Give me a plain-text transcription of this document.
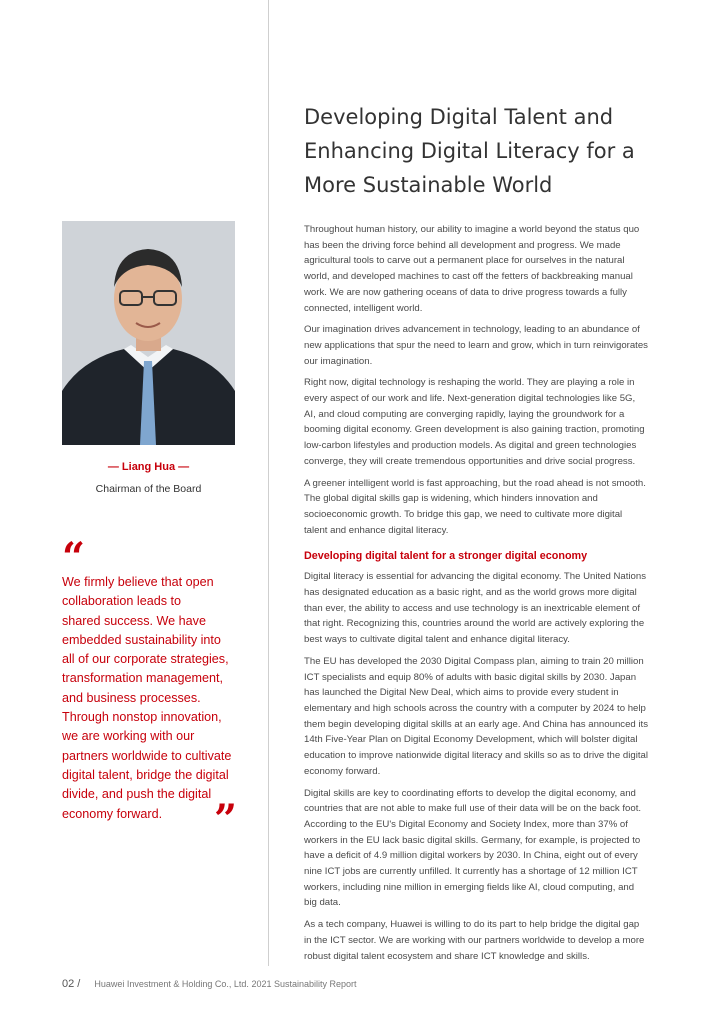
Developing Digital Talent and
Enhancing Digital Literacy for a
More Sustainable World
— Liang Hua —
Chairman of the Board
“
We firmly believe that open
collaboration leads to
shared success. We have
embedded sustainability into
all of our corporate strategies,
transformation management,
and business processes.
Through nonstop innovation,
we are working with our
partners worldwide to cultivate
digital talent, bridge the digital
divide, and push the digital
economy forward.	”

Throughout human history, our ability to imagine a world beyond the status quo has been the driving force behind all development and progress. We made agricultural tools to carve out a permanent place for ourselves in the natural world, and developed machines to cast off the fetters of backbreaking manual work. We are now gathering oceans of data to drive progress towards a fully connected, intelligent world.

Our imagination drives advancement in technology, leading to an abundance of new applications that spur the need to learn and grow, which in turn reinvigorates our imagination.

Right now, digital technology is reshaping the world. They are playing a role in every aspect of our work and life. Next-generation digital technologies like 5G, AI, and cloud computing are converging rapidly, laying the groundwork for a booming digital economy. Green development is also gaining traction, promoting low-carbon lifestyles and production models. As digital and green technologies converge, they will create tremendous opportunities and drive social progress.

A greener intelligent world is fast approaching, but the road ahead is not smooth. The global digital skills gap is widening, which hinders innovation and socioeconomic growth. To bridge this gap, we need to cultivate more digital talent and enhance digital literacy.

Developing digital talent for a stronger digital economy

Digital literacy is essential for advancing the digital economy. The United Nations has designated education as a basic right, and as the world grows more digital than ever, the ability to access and use technology is an inextricable element of that right. Recognizing this, countries around the world are actively exploring the best ways to cultivate digital talent and enhance digital literacy.

The EU has developed the 2030 Digital Compass plan, aiming to train 20 million ICT specialists and equip 80% of adults with basic digital skills by 2030. Japan has launched the Digital New Deal, which aims to provide every student in elementary and high schools across the country with a computer by 2024 to help them begin developing digital skills at an early age. And China has announced its 14th Five-Year Plan on Digital Economy Development, which will bolster digital education to improve nationwide digital literacy and skills so as to drive the digital economy forward.

Digital skills are key to coordinating efforts to develop the digital economy, and countries that are not able to make full use of their data will be on the back foot. According to the EU's Digital Economy and Society Index, more than 37% of workers in the EU lack basic digital skills. Germany, for example, is projected to have a deficit of 4.9 million digital workers by 2030. In China, eight out of every nine ICT jobs are currently unfilled. It currently has a shortage of 12 million ICT workers, including nine million in emerging fields like AI, cloud computing, and big data.

As a tech company, Huawei is willing to do its part to help bridge the digital gap in the ICT sector. We are working with our partners worldwide to develop a more robust digital talent ecosystem and share ICT knowledge and skills.

02 / Huawei Investment & Holding Co., Ltd. 2021 Sustainability Report
